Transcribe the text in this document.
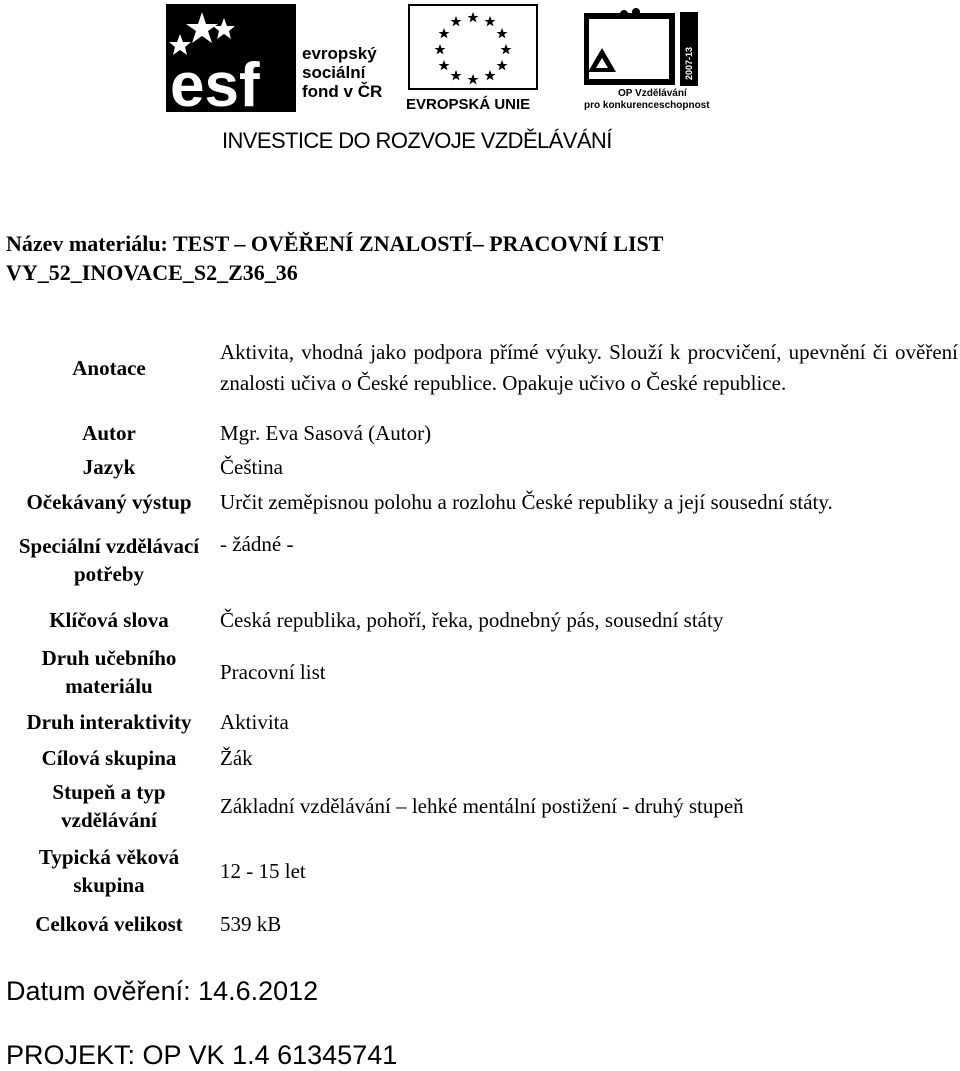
esf evropský
sociální
fond v ČR
EVROPSKÁ UNIE
2007-13
OP Vzdělávání
pro konkurenceschopnost
INVESTICE DO ROZVOJE VZDĚLÁVÁNÍ
Název materiálu: TEST – OVĚŘENÍ ZNALOSTÍ– PRACOVNÍ LIST
VY_52_INOVACE_S2_Z36_36
Anotace	Aktivita, vhodná jako podpora přímé výuky. Slouží k procvičení, upevnění či ověření znalosti učiva o České republice. Opakuje učivo o České republice.
Autor	Mgr. Eva Sasová (Autor)
Jazyk	Čeština
Očekávaný výstup	Určit zeměpisnou polohu a rozlohu České republiky a její sousední státy.
Speciální vzdělávací potřeby	- žádné -
Klíčová slova	Česká republika, pohoří, řeka, podnebný pás, sousední státy
Druh učebního materiálu	Pracovní list
Druh interaktivity	Aktivita
Cílová skupina	Žák
Stupeň a typ vzdělávání	Základní vzdělávání – lehké mentální postižení - druhý stupeň
Typická věková skupina	12 - 15 let
Celková velikost	539 kB
Datum ověření: 14.6.2012
PROJEKT: OP VK 1.4 61345741
